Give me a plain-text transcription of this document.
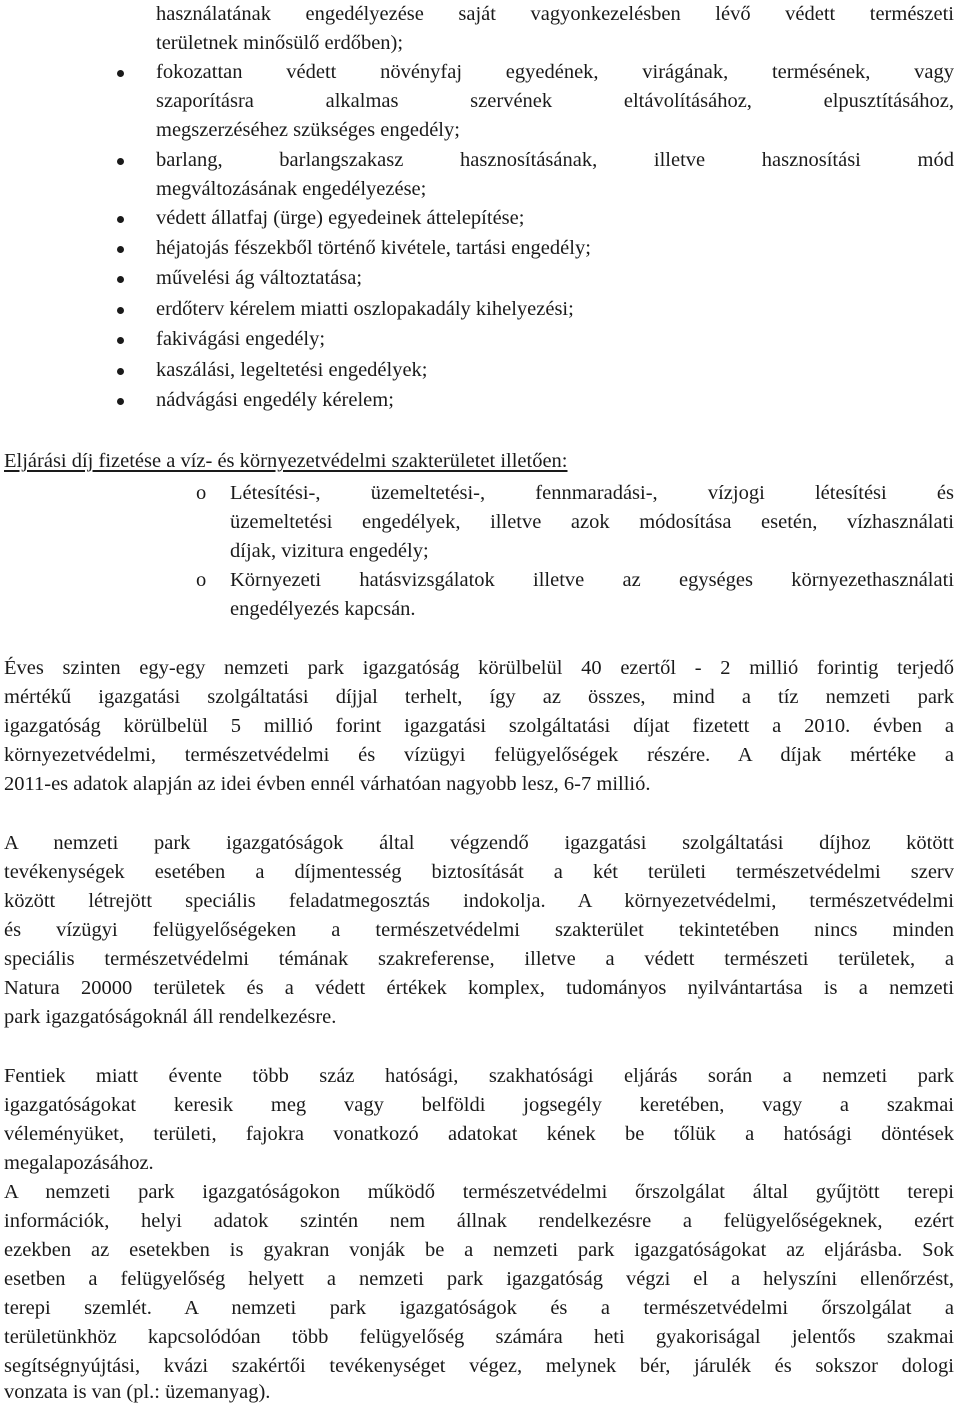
használatának engedélyezése saját vagyonkezelésben lévő védett természeti
területnek minősülő erdőben);
fokozattan védett növényfaj egyedének, virágának, termésének, vagy
szaporításra alkalmas szervének eltávolításához, elpusztításához,
megszerzéséhez szükséges engedély;
barlang, barlangszakasz hasznosításának, illetve hasznosítási mód
megváltozásának engedélyezése;
védett állatfaj (ürge) egyedeinek áttelepítése;
héjatojás fészekből történő kivétele, tartási engedély;
művelési ág változtatása;
erdőterv kérelem miatti oszlopakadály kihelyezési;
fakivágási engedély;
kaszálási, legeltetési engedélyek;
nádvágási engedély kérelem;
Eljárási díj fizetése a víz- és környezetvédelmi szakterületet illetően:
o Létesítési-, üzemeltetési-, fennmaradási-, vízjogi létesítési és
üzemeltetési engedélyek, illetve azok módosítása esetén, vízhasználati
díjak, vizitura engedély;
o Környezeti hatásvizsgálatok illetve az egységes környezethasználati
engedélyezés kapcsán.
Éves szinten egy-egy nemzeti park igazgatóság körülbelül 40 ezertől - 2 millió forintig terjedő
mértékű igazgatási szolgáltatási díjjal terhelt, így az összes, mind a tíz nemzeti park
igazgatóság körülbelül 5 millió forint igazgatási szolgáltatási díjat fizetett a 2010. évben a
környezetvédelmi, természetvédelmi és vízügyi felügyelőségek részére. A díjak mértéke a
2011-es adatok alapján az idei évben ennél várhatóan nagyobb lesz, 6-7 millió.
A nemzeti park igazgatóságok által végzendő igazgatási szolgáltatási díjhoz kötött
tevékenységek esetében a díjmentesség biztosítását a két területi természetvédelmi szerv
között létrejött speciális feladatmegosztás indokolja. A környezetvédelmi, természetvédelmi
és vízügyi felügyelőségeken a természetvédelmi szakterület tekintetében nincs minden
speciális természetvédelmi témának szakreferense, illetve a védett természeti területek, a
Natura 20000 területek és a védett értékek komplex, tudományos nyilvántartása is a nemzeti
park igazgatóságoknál áll rendelkezésre.
Fentiek miatt évente több száz hatósági, szakhatósági eljárás során a nemzeti park
igazgatóságokat keresik meg vagy belföldi jogsegély keretében, vagy a szakmai
véleményüket, területi, fajokra vonatkozó adatokat kének be tőlük a hatósági döntések
megalapozásához.
A nemzeti park igazgatóságokon működő természetvédelmi őrszolgálat által gyűjtött terepi
információk, helyi adatok szintén nem állnak rendelkezésre a felügyelőségeknek, ezért
ezekben az esetekben is gyakran vonják be a nemzeti park igazgatóságokat az eljárásba. Sok
esetben a felügyelőség helyett a nemzeti park igazgatóság végzi el a helyszíni ellenőrzést,
terepi szemlét. A nemzeti park igazgatóságok és a természetvédelmi őrszolgálat a
területünkhöz kapcsolódóan több felügyelőség számára heti gyakoriságal jelentős szakmai
segítségnyújtási, kvázi szakértői tevékenységet végez, melynek bér, járulék és sokszor dologi
vonzata is van (pl.: üzemanyag).
